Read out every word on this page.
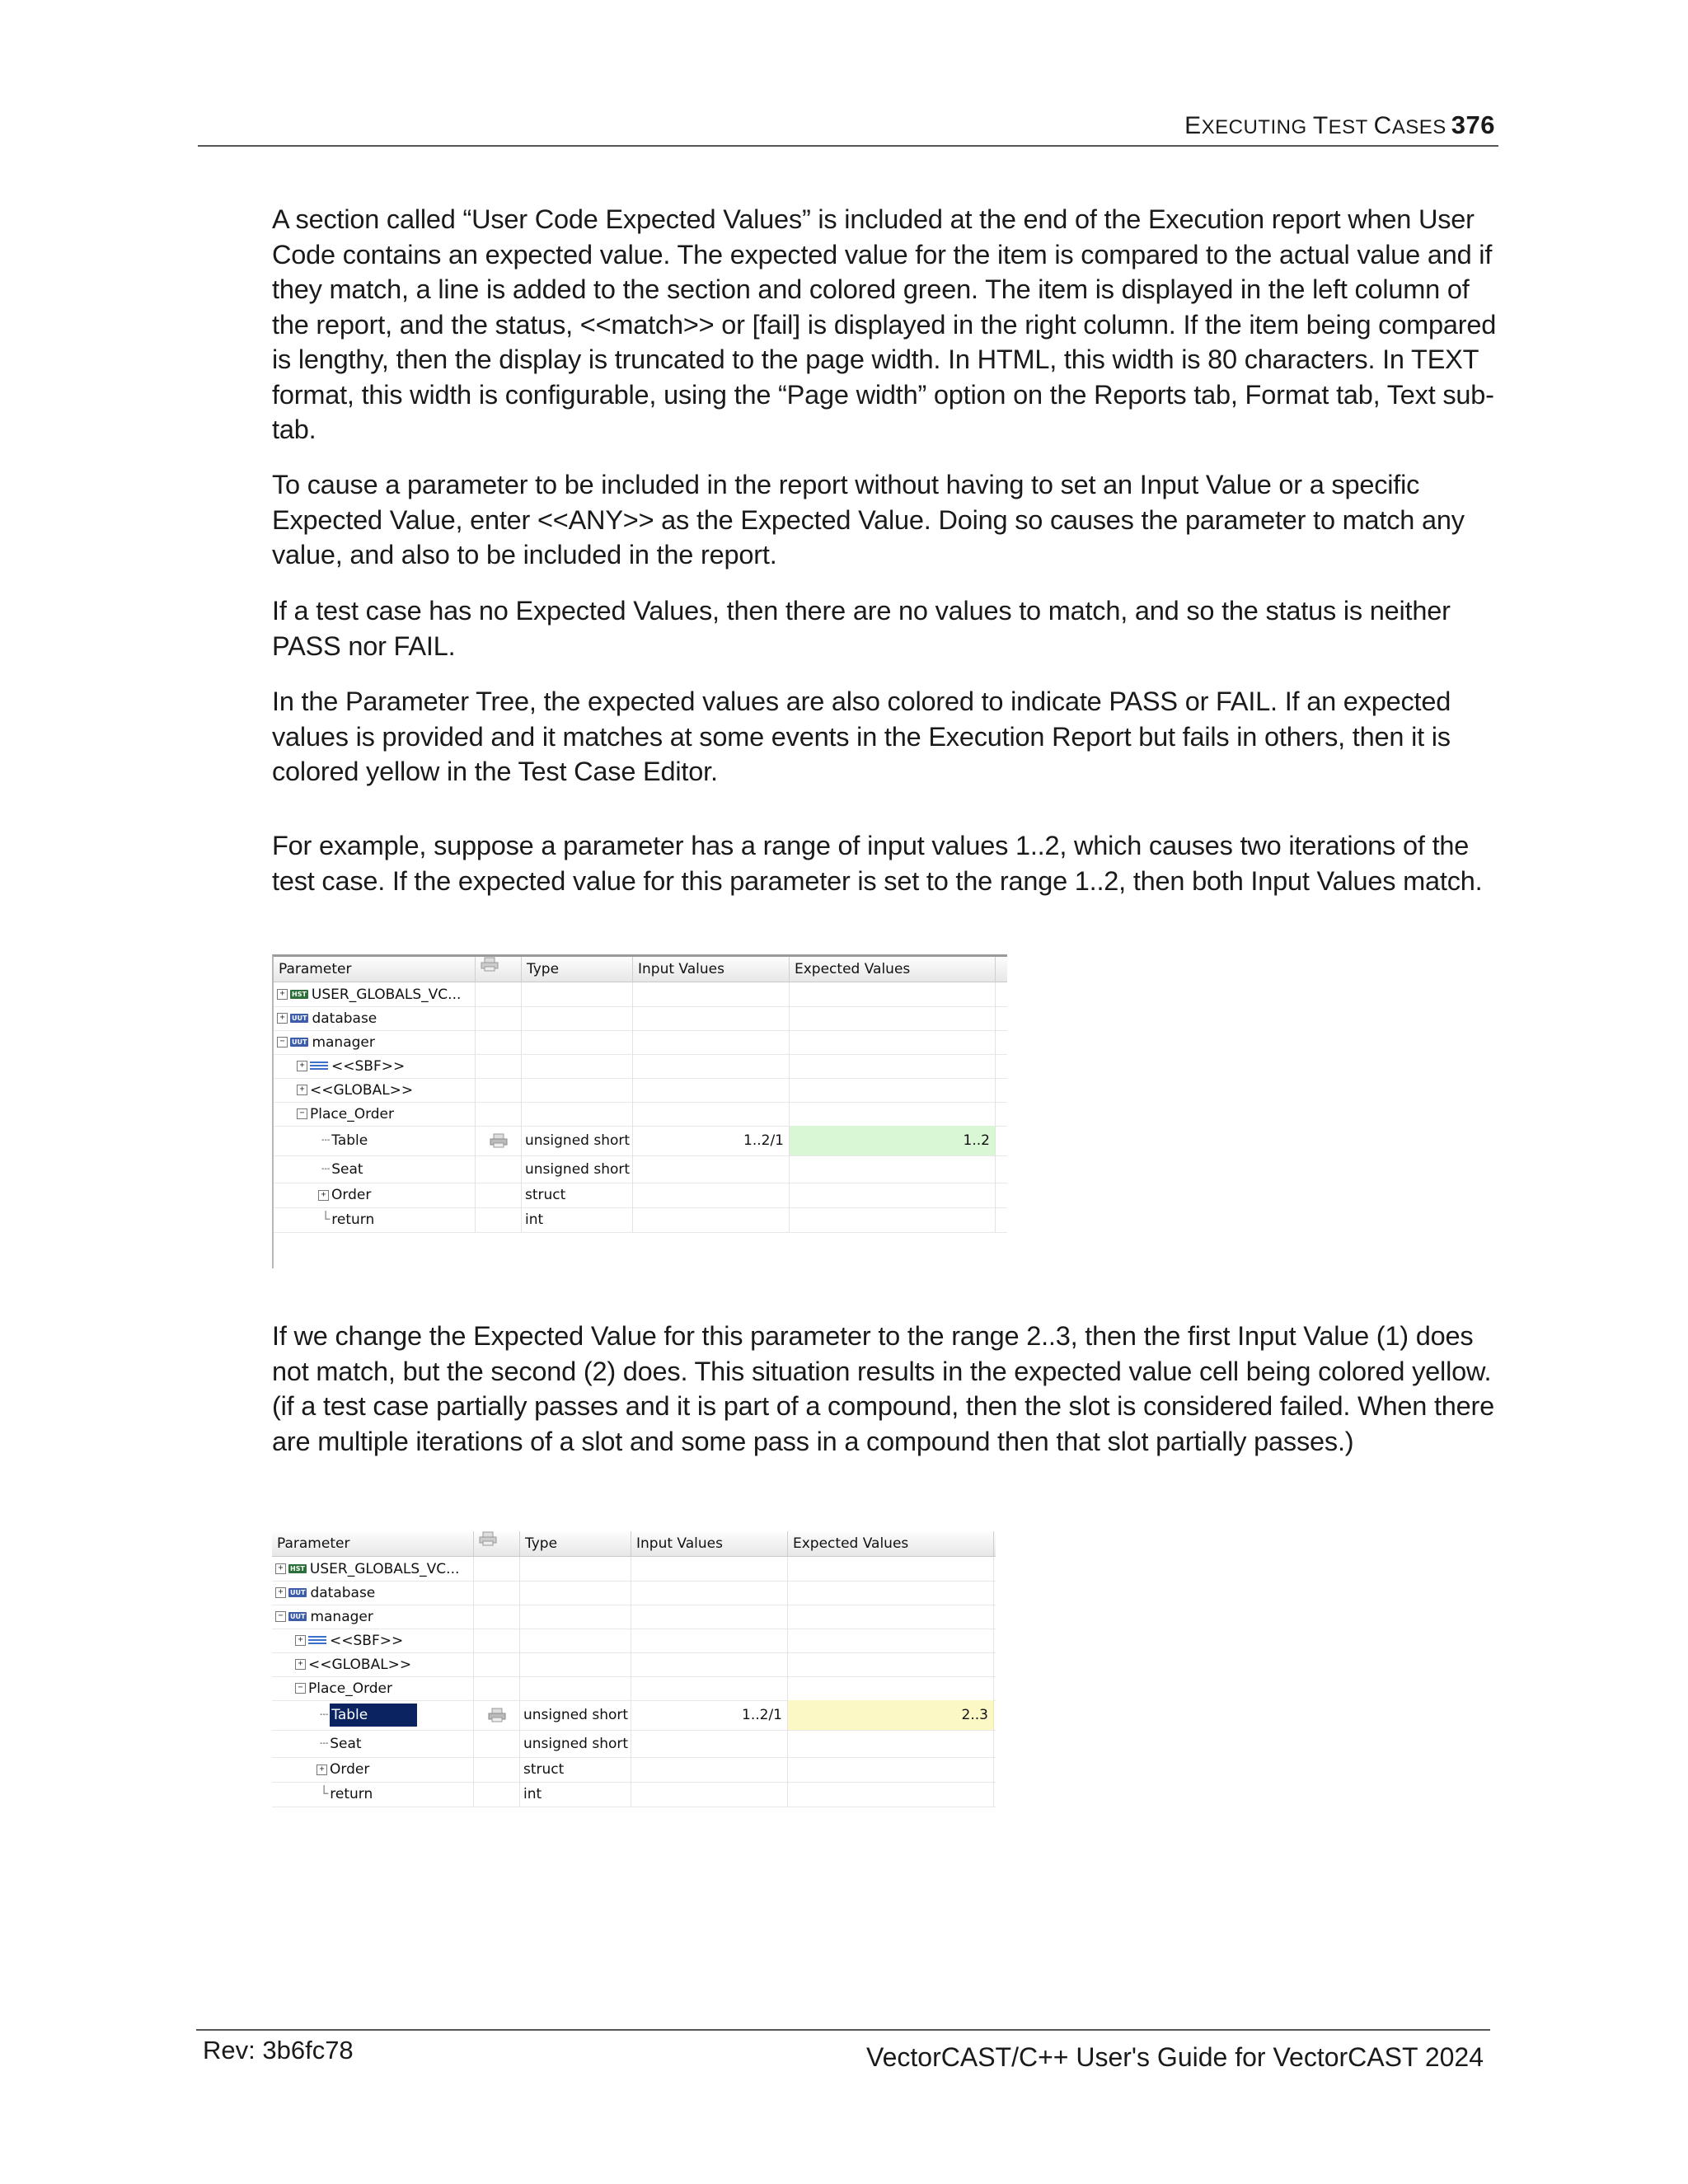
EXECUTING TEST CASES 376

A section called “User Code Expected Values” is included at the end of the Execution report when User Code contains an expected value. The expected value for the item is compared to the actual value and if they match, a line is added to the section and colored green. The item is displayed in the left column of the report, and the status, <<match>> or [fail] is displayed in the right column. If the item being compared is lengthy, then the display is truncated to the page width. In HTML, this width is 80 characters. In TEXT format, this width is configurable, using the “Page width” option on the Reports tab, Format tab, Text sub-tab.

To cause a parameter to be included in the report without having to set an Input Value or a specific Expected Value, enter <<ANY>> as the Expected Value. Doing so causes the parameter to match any value, and also to be included in the report.

If a test case has no Expected Values, then there are no values to match, and so the status is neither PASS nor FAIL.

In the Parameter Tree, the expected values are also colored to indicate PASS or FAIL. If an expected values is provided and it matches at some events in the Execution Report but fails in others, then it is colored yellow in the Test Case Editor.

For example, suppose a parameter has a range of input values 1..2, which causes two iterations of the test case. If the expected value for this parameter is set to the range 1..2, then both Input Values match.

Parameter	Type	Input Values	Expected Values
+	HST USER_GLOBALS_VC...
+	UUT database
−	UUT manager
+ <<SBF>>
+ <<GLOBAL>>
− Place_Order
┄ Table	unsigned short	1..2/1	1..2
┄ Seat	unsigned short
+ Order	struct
└ return	int

If we change the Expected Value for this parameter to the range 2..3, then the first Input Value (1) does not match, but the second (2) does. This situation results in the expected value cell being colored yellow. (if a test case partially passes and it is part of a compound, then the slot is considered failed. When there are multiple iterations of a slot and some pass in a compound then that slot partially passes.)

Parameter	Type	Input Values	Expected Values
+	HST USER_GLOBALS_VC...
+	UUT database
−	UUT manager
+ <<SBF>>
+ <<GLOBAL>>
− Place_Order
┄ Table	unsigned short	1..2/1	2..3
┄ Seat	unsigned short
+ Order	struct
└ return	int
Rev: 3b6fc78	VectorCAST/C++ User's Guide for VectorCAST 2024
